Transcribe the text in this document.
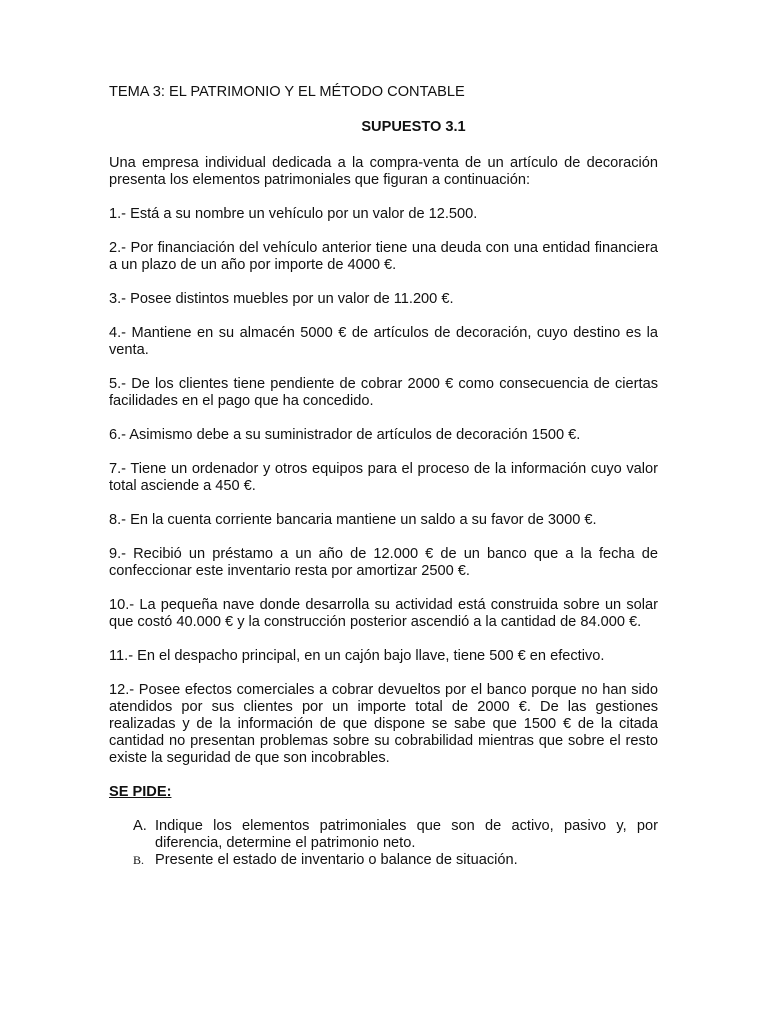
TEMA 3: EL PATRIMONIO Y EL MÉTODO CONTABLE

SUPUESTO 3.1

Una empresa individual dedicada a la compra-venta de un artículo de decoración presenta los elementos patrimoniales que figuran a continuación:

1.- Está a su nombre un vehículo por un valor de 12.500.

2.- Por financiación del vehículo anterior tiene una deuda con una entidad financiera a un plazo de un año por importe de 4000 €.

3.- Posee distintos muebles por un valor de 11.200 €.

4.- Mantiene en su almacén 5000 € de artículos de decoración, cuyo destino es la venta.

5.- De los clientes tiene pendiente de cobrar 2000 € como consecuencia de ciertas facilidades en el pago que ha concedido.

6.- Asimismo debe a su suministrador de artículos de decoración 1500 €.

7.- Tiene un ordenador y otros equipos para el proceso de la información cuyo valor total asciende a 450 €.

8.- En la cuenta corriente bancaria mantiene un saldo a su favor de 3000 €.

9.- Recibió un préstamo a un año de 12.000 € de un banco que a la fecha de confeccionar este inventario resta por amortizar 2500 €.

10.- La pequeña nave donde desarrolla su actividad está construida sobre un solar que costó 40.000 € y la construcción posterior ascendió a la cantidad de 84.000 €.

11.- En el despacho principal, en un cajón bajo llave, tiene 500 € en efectivo.

12.- Posee efectos comerciales a cobrar devueltos por el banco porque no han sido atendidos por sus clientes por un importe total de 2000 €. De las gestiones realizadas y de la información de que dispone se sabe que 1500 € de la citada cantidad no presentan problemas sobre su cobrabilidad mientras que sobre el resto existe la seguridad de que son incobrables.

SE PIDE:

A. Indique los elementos patrimoniales que son de activo, pasivo y, por diferencia, determine el patrimonio neto.
B. Presente el estado de inventario o balance de situación.
